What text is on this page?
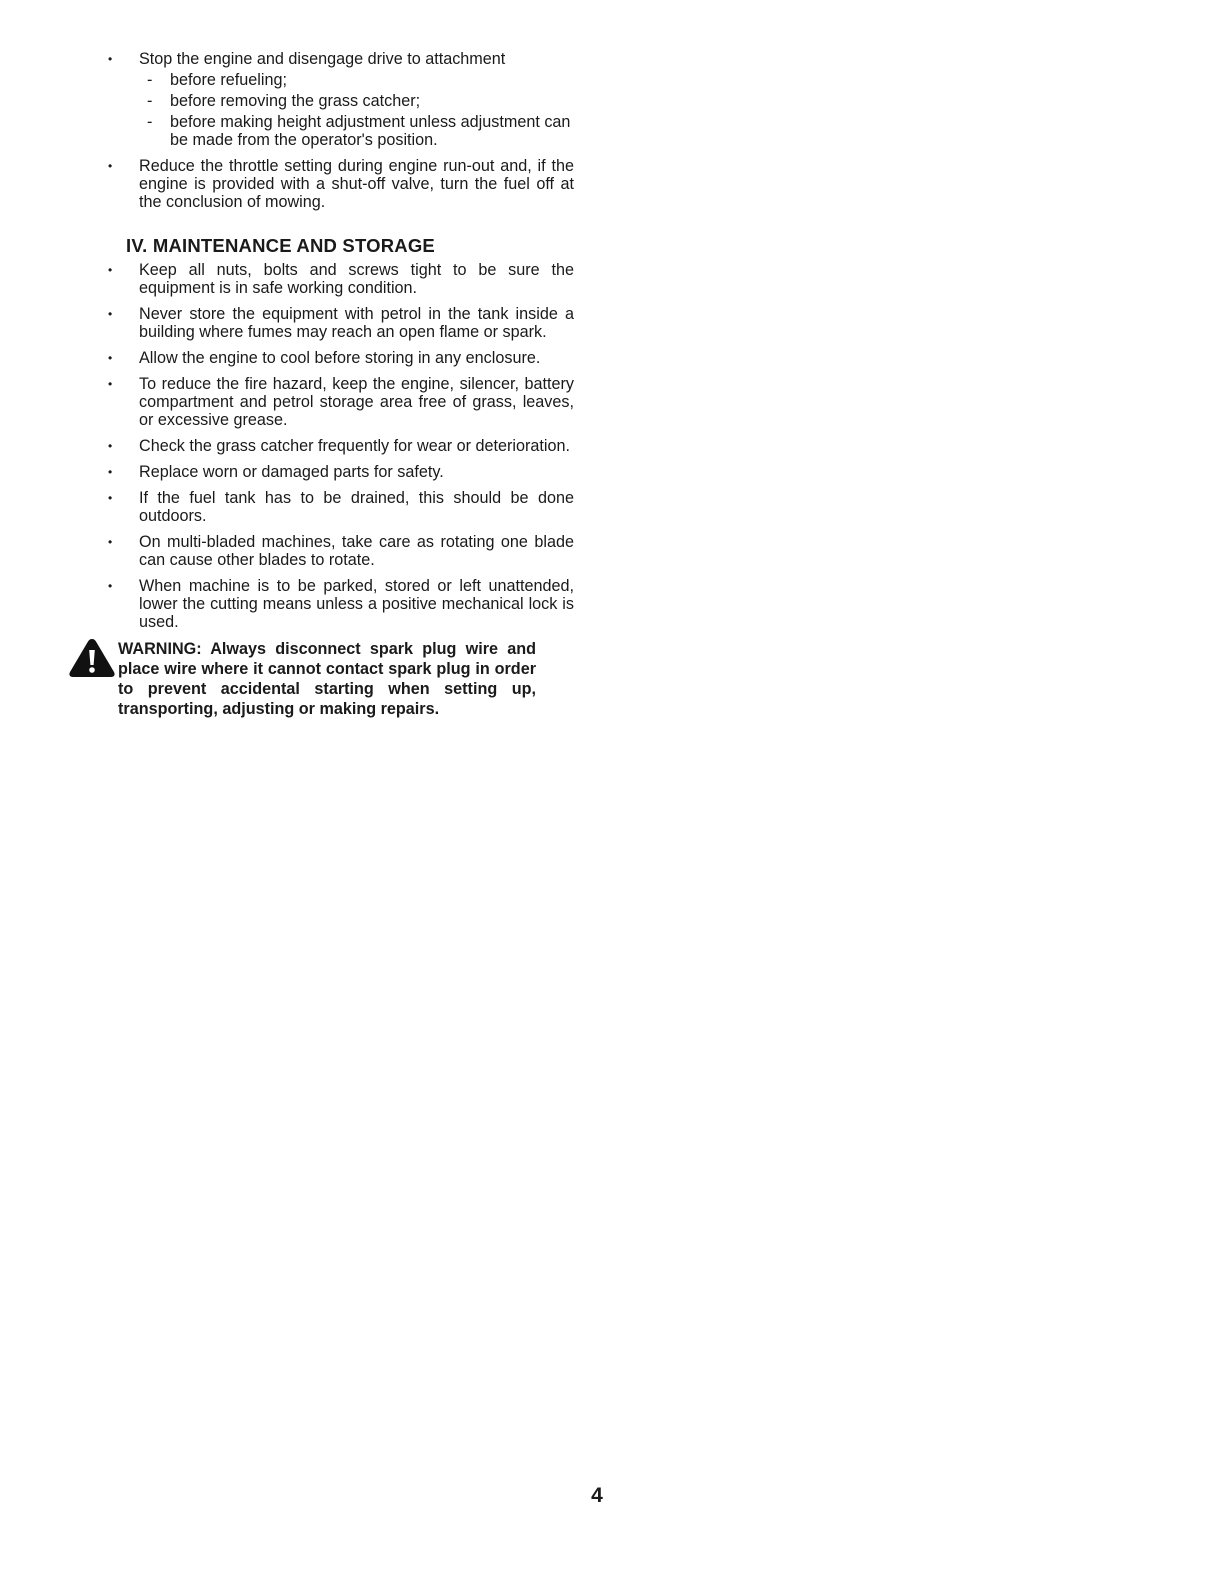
• Stop the engine and disengage drive to attachment
- before refueling;
- before removing the grass catcher;
- before making height adjustment unless adjustment can be made from the operator's position.
• Reduce the throttle setting during engine run-out and, if the engine is provided with a shut-off valve, turn the fuel off at the conclusion of mowing.
IV. MAINTENANCE AND STORAGE
• Keep all nuts, bolts and screws tight to be sure the equipment is in safe working condition.
• Never store the equipment with petrol in the tank inside a building where fumes may reach an open flame or spark.
• Allow the engine to cool before storing in any enclosure.
• To reduce the fire hazard, keep the engine, silencer, battery compartment and petrol storage area free of grass, leaves, or excessive grease.
• Check the grass catcher frequently for wear or deterioration.
• Replace worn or damaged parts for safety.
• If the fuel tank has to be drained, this should be done outdoors.
• On multi-bladed machines, take care as rotating one blade can cause other blades to rotate.
• When machine is to be parked, stored or left unattended, lower the cutting means unless a positive mechanical lock is used.
WARNING: Always disconnect spark plug wire and place wire where it cannot contact spark plug in order to prevent accidental starting when setting up, transporting, adjusting or making repairs.
4
